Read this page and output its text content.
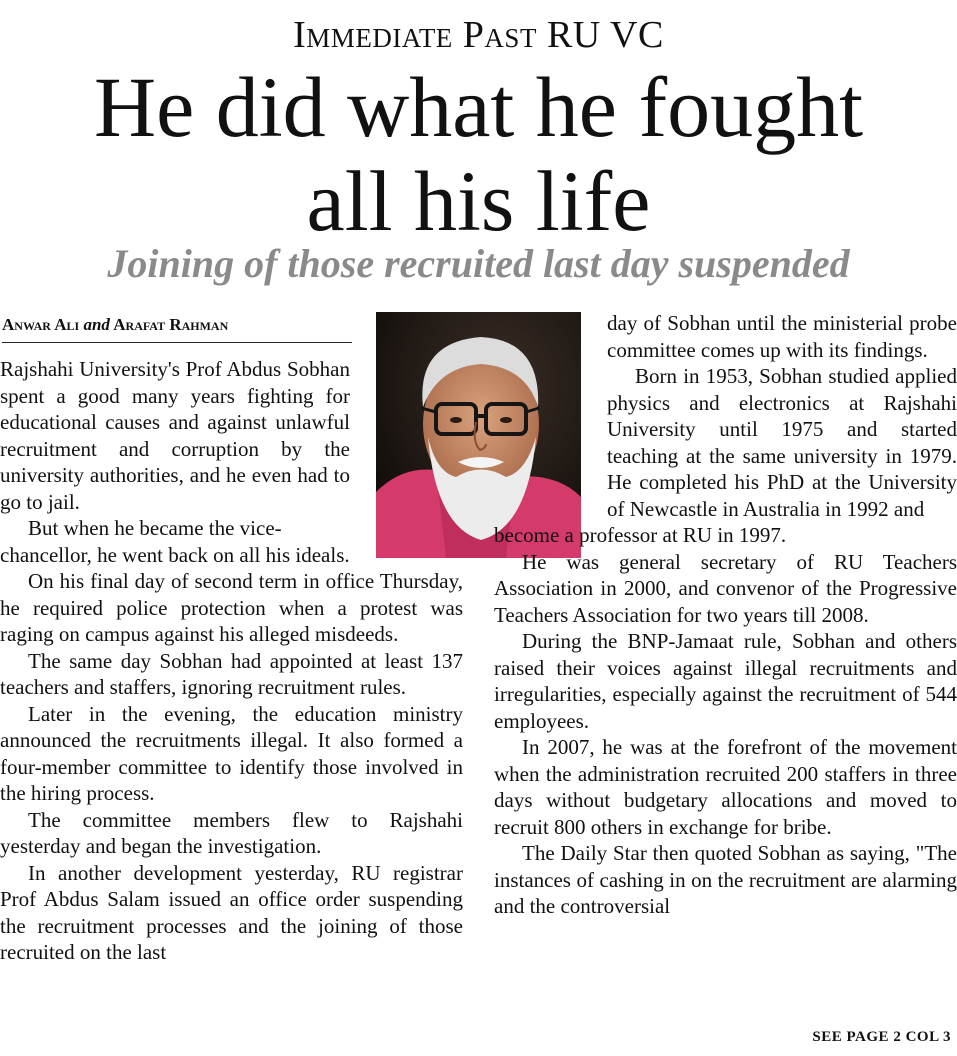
Immediate Past RU VC
He did what he fought
all his life
Joining of those recruited last day suspended
Anwar Ali and Arafat Rahman

Rajshahi University's Prof Abdus Sobhan spent a good many years fighting for educational causes and against unlawful recruitment and corruption by the university authorities, and he even had to go to jail.

But when he became the vice-

chancellor, he went back on all his ideals.

On his final day of second term in office Thursday, he required police protection when a protest was raging on campus against his alleged misdeeds.

The same day Sobhan had appointed at least 137 teachers and staffers, ignoring recruitment rules.

Later in the evening, the education ministry announced the recruitments illegal. It also formed a four-member committee to identify those involved in the hiring process.

The committee members flew to Rajshahi yesterday and began the investigation.

In another development yesterday, RU registrar Prof Abdus Salam issued an office order suspending the recruitment processes and the joining of those recruited on the last

day of Sobhan until the ministerial probe committee comes up with its findings.

Born in 1953, Sobhan studied applied physics and electronics at Rajshahi University until 1975 and started teaching at the same university in 1979. He completed his PhD at the University of Newcastle in Australia in 1992 and

become a professor at RU in 1997.

He was general secretary of RU Teachers Association in 2000, and convenor of the Progressive Teachers Association for two years till 2008.

During the BNP-Jamaat rule, Sobhan and others raised their voices against illegal recruitments and irregularities, especially against the recruitment of 544 employees.

In 2007, he was at the forefront of the movement when the administration recruited 200 staffers in three days without budgetary allocations and moved to recruit 800 others in exchange for bribe.

The Daily Star then quoted Sobhan as saying, "The instances of cashing in on the recruitment are alarming and the controversial

SEE PAGE 2 COL 3
